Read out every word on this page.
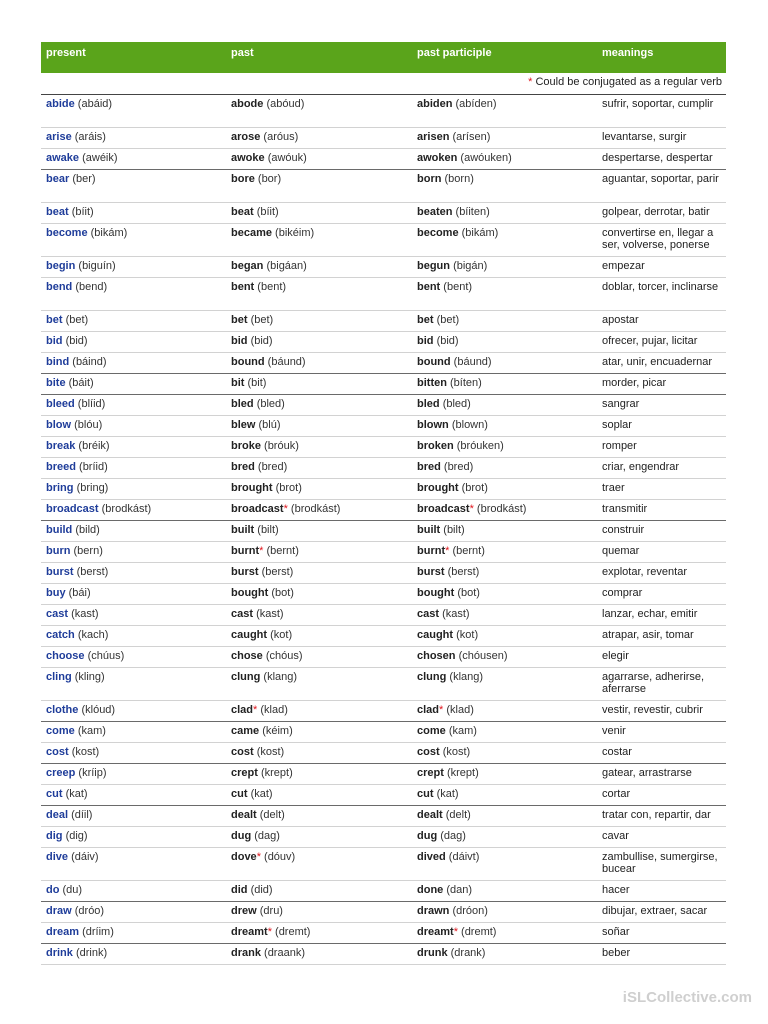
present	past	past participle	meanings
* Could be conjugated as a regular verb
abide (abáid)	abode (abóud)	abiden (abíden)	sufrir, soportar, cumplir
arise (aráis)	arose (aróus)	arisen (arísen)	levantarse, surgir
awake (awéik)	awoke (awóuk)	awoken (awóuken)	despertarse, despertar
bear (ber)	bore (bor)	born (born)	aguantar, soportar, parir
beat (bíit)	beat (bíit)	beaten (bíiten)	golpear, derrotar, batir
become (bikám)	became (bikéim)	become (bikám)	convertirse en, llegar a ser, volverse, ponerse
begin (biguín)	began (bigáan)	begun (bigán)	empezar
bend (bend)	bent (bent)	bent (bent)	doblar, torcer, inclinarse
bet (bet)	bet (bet)	bet (bet)	apostar
bid (bid)	bid (bid)	bid (bid)	ofrecer, pujar, licitar
bind (báind)	bound (báund)	bound (báund)	atar, unir, encuadernar
bite (báit)	bit (bit)	bitten (bíten)	morder, picar
bleed (blíid)	bled (bled)	bled (bled)	sangrar
blow (blóu)	blew (blú)	blown (blown)	soplar
break (bréik)	broke (bróuk)	broken (bróuken)	romper
breed (bríid)	bred (bred)	bred (bred)	criar, engendrar
bring (bring)	brought (brot)	brought (brot)	traer
broadcast (brodkást)	broadcast* (brodkást)	broadcast* (brodkást)	transmitir
build (bild)	built (bilt)	built (bilt)	construir
burn (bern)	burnt* (bernt)	burnt* (bernt)	quemar
burst (berst)	burst (berst)	burst (berst)	explotar, reventar
buy (bái)	bought (bot)	bought (bot)	comprar
cast (kast)	cast (kast)	cast (kast)	lanzar, echar, emitir
catch (kach)	caught (kot)	caught (kot)	atrapar, asir, tomar
choose (chúus)	chose (chóus)	chosen (chóusen)	elegir
cling (kling)	clung (klang)	clung (klang)	agarrarse, adherirse, aferrarse
clothe (klóud)	clad* (klad)	clad* (klad)	vestir, revestir, cubrir
come (kam)	came (kéim)	come (kam)	venir
cost (kost)	cost (kost)	cost (kost)	costar
creep (kríip)	crept (krept)	crept (krept)	gatear, arrastrarse
cut (kat)	cut (kat)	cut (kat)	cortar
deal (díil)	dealt (delt)	dealt (delt)	tratar con, repartir, dar
dig (dig)	dug (dag)	dug (dag)	cavar
dive (dáiv)	dove* (dóuv)	dived (dáivt)	zambullise, sumergirse, bucear
do (du)	did (did)	done (dan)	hacer
draw (dróo)	drew (dru)	drawn (dróon)	dibujar, extraer, sacar
dream (dríim)	dreamt* (dremt)	dreamt* (dremt)	soñar
drink (drink)	drank (draank)	drunk (drank)	beber
iSLCollective.com
